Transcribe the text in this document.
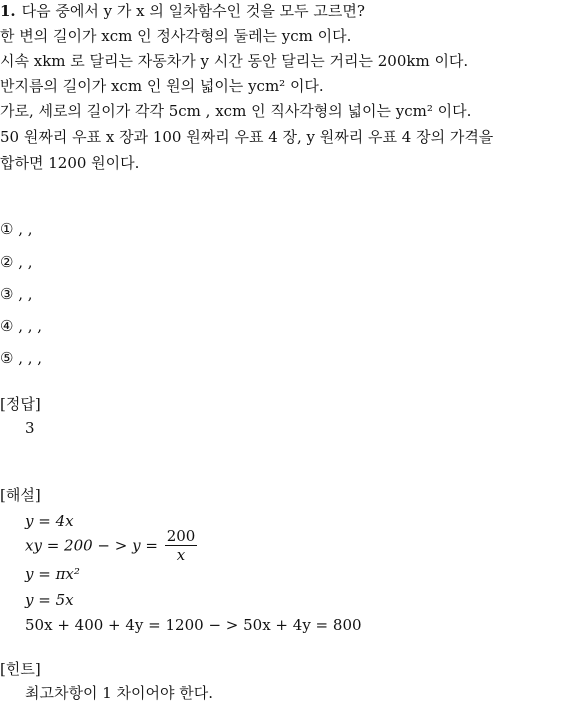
1. 다음 중에서 y 가 x 의 일차함수인 것을 모두 고르면?
한 변의 길이가 xcm 인 정사각형의 둘레는 ycm 이다.
시속 xkm 로 달리는 자동차가 y 시간 동안 달리는 거리는 200km 이다.
반지름의 길이가 xcm 인 원의 넓이는 ycm² 이다.
가로, 세로의 길이가 각각 5cm , xcm 인 직사각형의 넓이는 ycm² 이다.
50 원짜리 우표 x 장과 100 원짜리 우표 4 장, y 원짜리 우표 4 장의 가격을
합하면 1200 원이다.
① , ,
② , ,
③ , ,
④ , , ,
⑤ , , ,
[정답]
3
[해설]
y = 4x
xy = 200 − > $y = \frac{200}{x}$
y = πx²
y = 5x
50x + 400 + 4y = 1200 − > 50x + 4y = 800
[힌트]
최고차항이 1 차이어야 한다.
